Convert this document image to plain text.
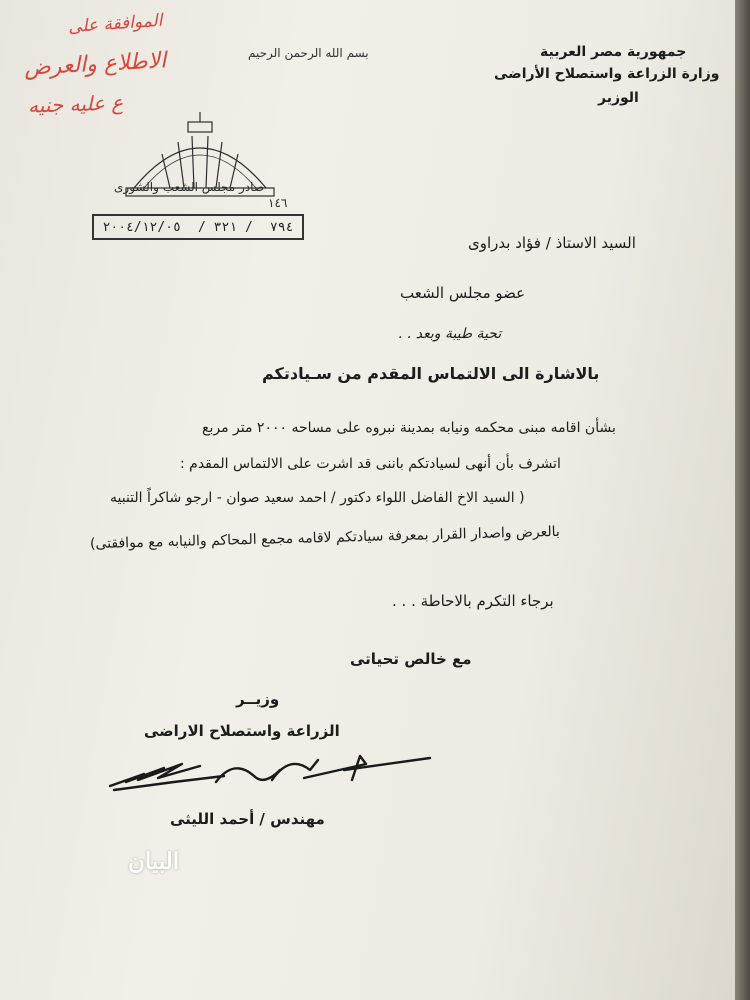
الموافقة على
الاطلاع والعرض
ع عليه جنيه
بسم الله الرحمن الرحيم	جمهورية مصر العربية
وزارة الزراعة واستصلاح الأراضى
الوزير
صادر مجلس الشعب والشورى
١٤٦
٢٠٠٤/١٢/٠٥ / ٣٢١ / ٧٩٤
السيد الاستاذ / فؤاد بدراوى
عضو مجلس الشعب
تحية طيبة وبعد . .
بالاشارة الى الالتماس المقدم من سـيادتكم
بشأن اقامه مبنى محكمه ونيابه بمدينة نبروه على مساحه ٢٠٠٠ متر مربع
اتشرف بأن أنهى لسيادتكم باننى قد اشرت على الالتماس المقدم :
( السيد الاخ الفاضل اللواء دكتور / احمد سعيد صوان - ارجو شاكراً التنبيه
بالعرض واصدار القرار بمعرفة سيادتكم لاقامه مجمع المحاكم والنيابه مع موافقتى)
برجاء التكرم بالاحاطة . . .
مع خالص تحياتى
وزيــر
الزراعة واستصلاح الاراضى
مهندس / أحمد الليثى
البيان
